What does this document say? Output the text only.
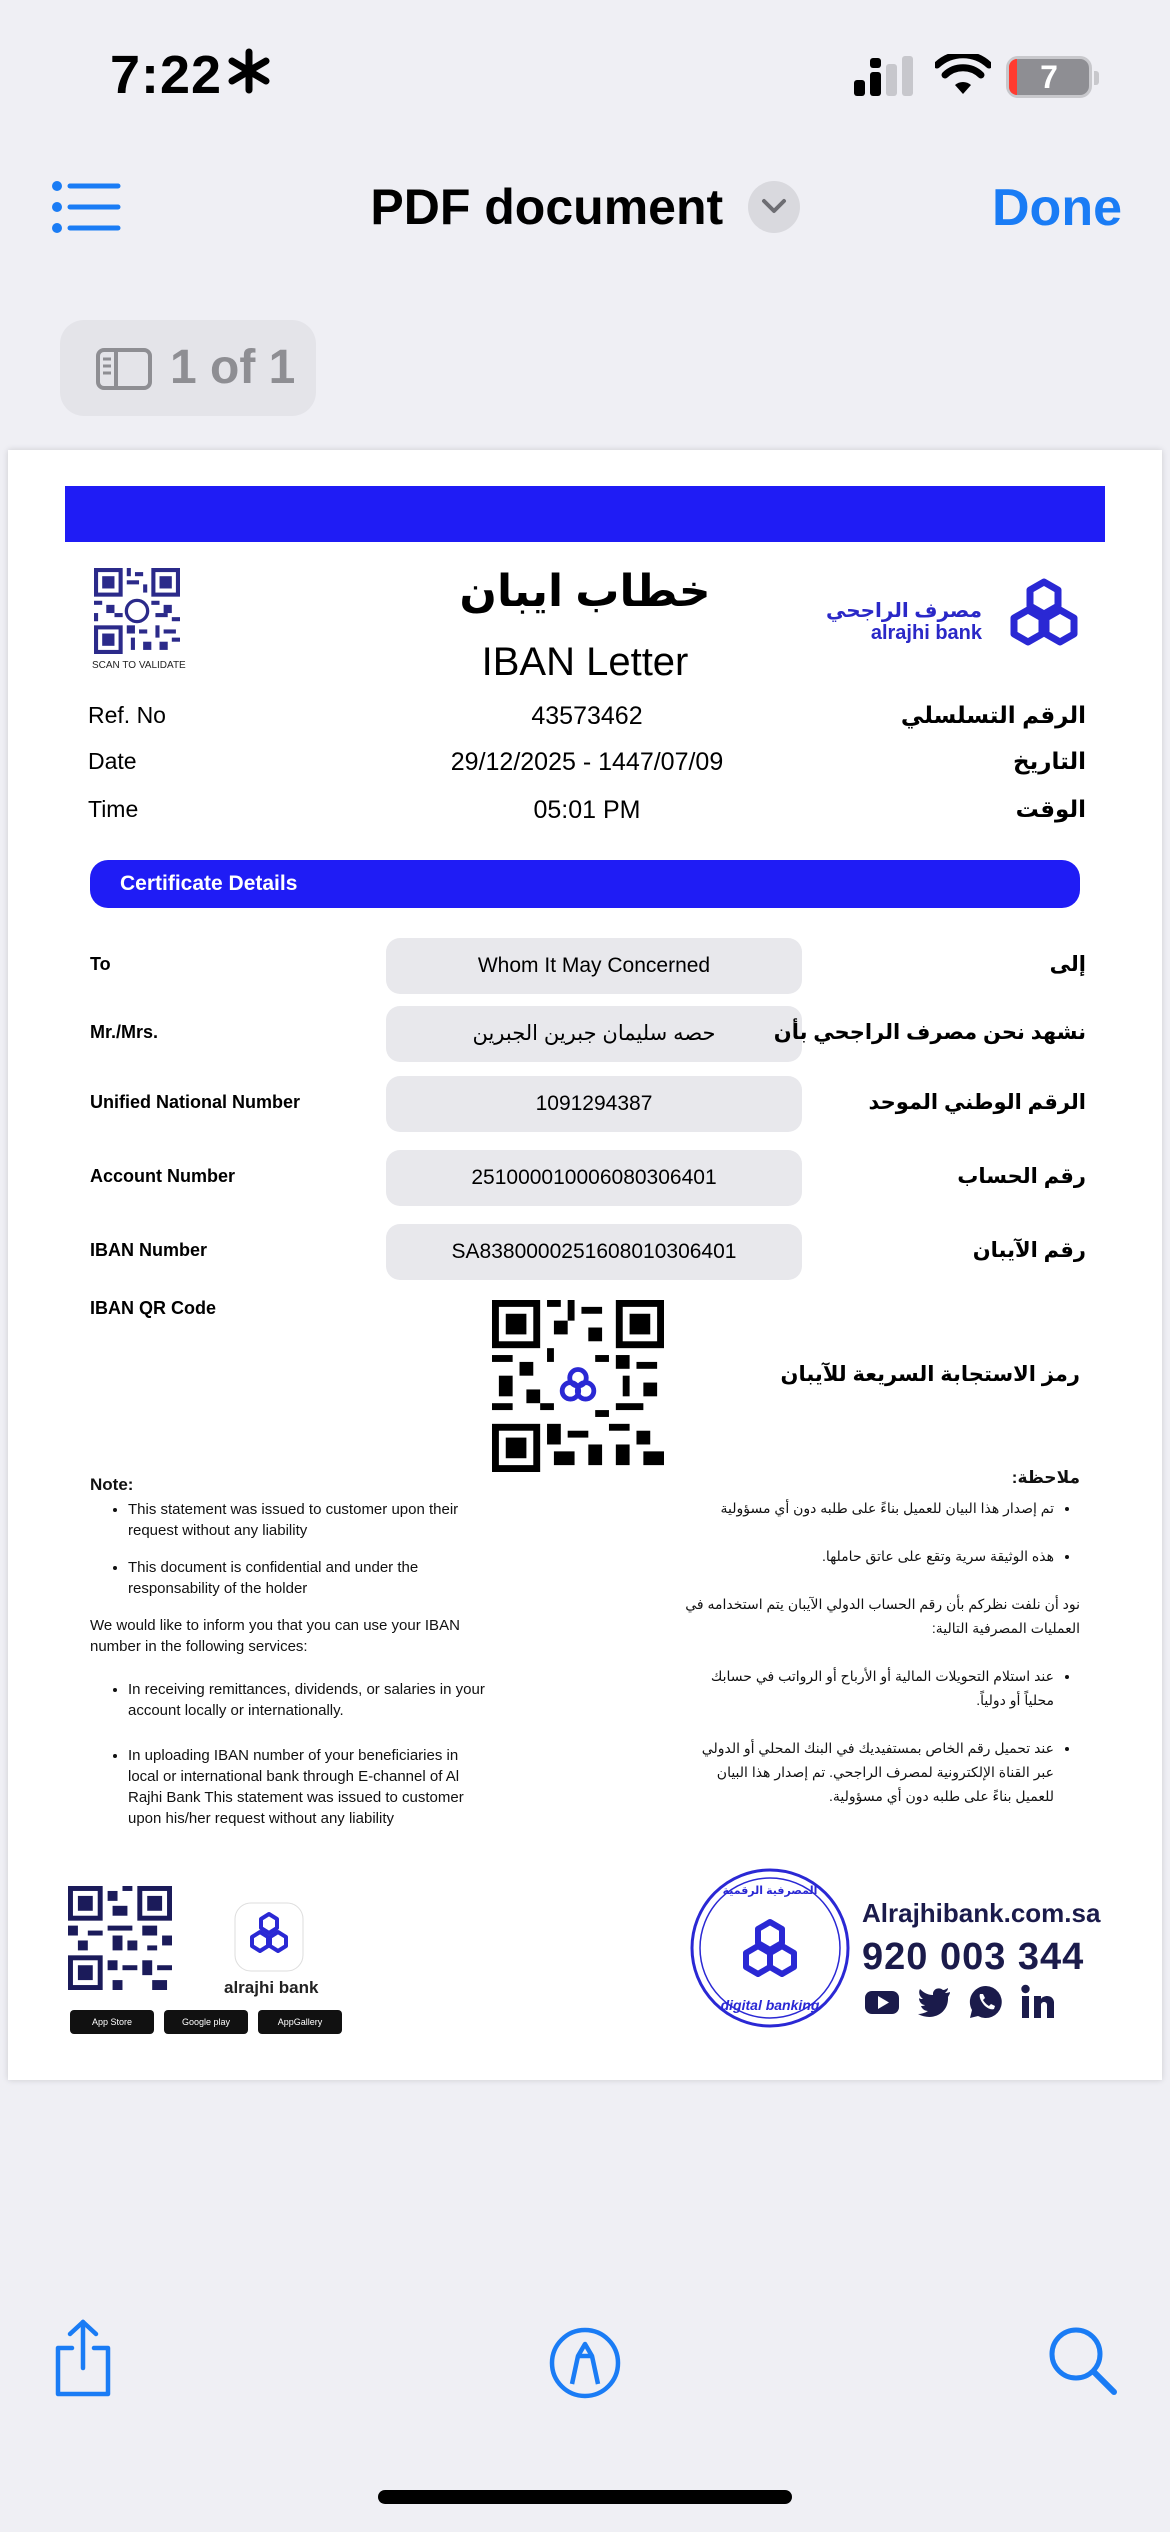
7:22	7
PDF document	Done
1 of 1
SCAN TO VALIDATE
خطاب ايبان
IBAN Letter
مصرف الراجحي
alrajhi bank
Ref. No	43573462	الرقم التسلسلي
Date	29/12/2025 - 1447/07/09	التاريخ
Time	05:01 PM	الوقت
Certificate Details
To	Whom It May Concerned	إلى
Mr./Mrs.	حصه سليمان جبرين الجبرين	نشهد نحن مصرف الراجحي بأن
Unified National Number	1091294387	الرقم الوطني الموحد
Account Number	251000010006080306401	رقم الحساب
IBAN Number	SA8380000251608010306401	رقم الآيبان
IBAN QR Code
رمز الاستجابة السريعة للآيبان
Note:
• This statement was issued to customer upon their request without any liability
• This document is confidential and under the responsability of the holder

We would like to inform you that you can use your IBAN number in the following services:

• In receiving remittances, dividends, or salaries in your account locally or internationally.
• In uploading IBAN number of your beneficiaries in local or international bank through E-channel of Al Rajhi Bank This statement was issued to customer upon his/her request without any liability
ملاحظة:
• تم إصدار هذا البيان للعميل بناءً على طلبه دون أي مسؤولية
• هذه الوثيقة سرية وتقع على عاتق حاملها.

نود أن نلفت نظركم بأن رقم الحساب الدولي الآيبان يتم استخدامه في العمليات المصرفية التالية:

• عند استلام التحويلات المالية أو الأرباح أو الرواتب في حسابك محلياً أو دولياً.
• عند تحميل رقم الخاص بمستفيديك في البنك المحلي أو الدولي عبر القناة الإلكترونية لمصرف الراجحي. تم إصدار هذا البيان للعميل بناءً على طلبه دون أي مسؤولية.
alrajhi bank
App Store	Google play	AppGallery
المصرفية الرقمية
digital banking
Alrajhibank.com.sa
920 003 344
